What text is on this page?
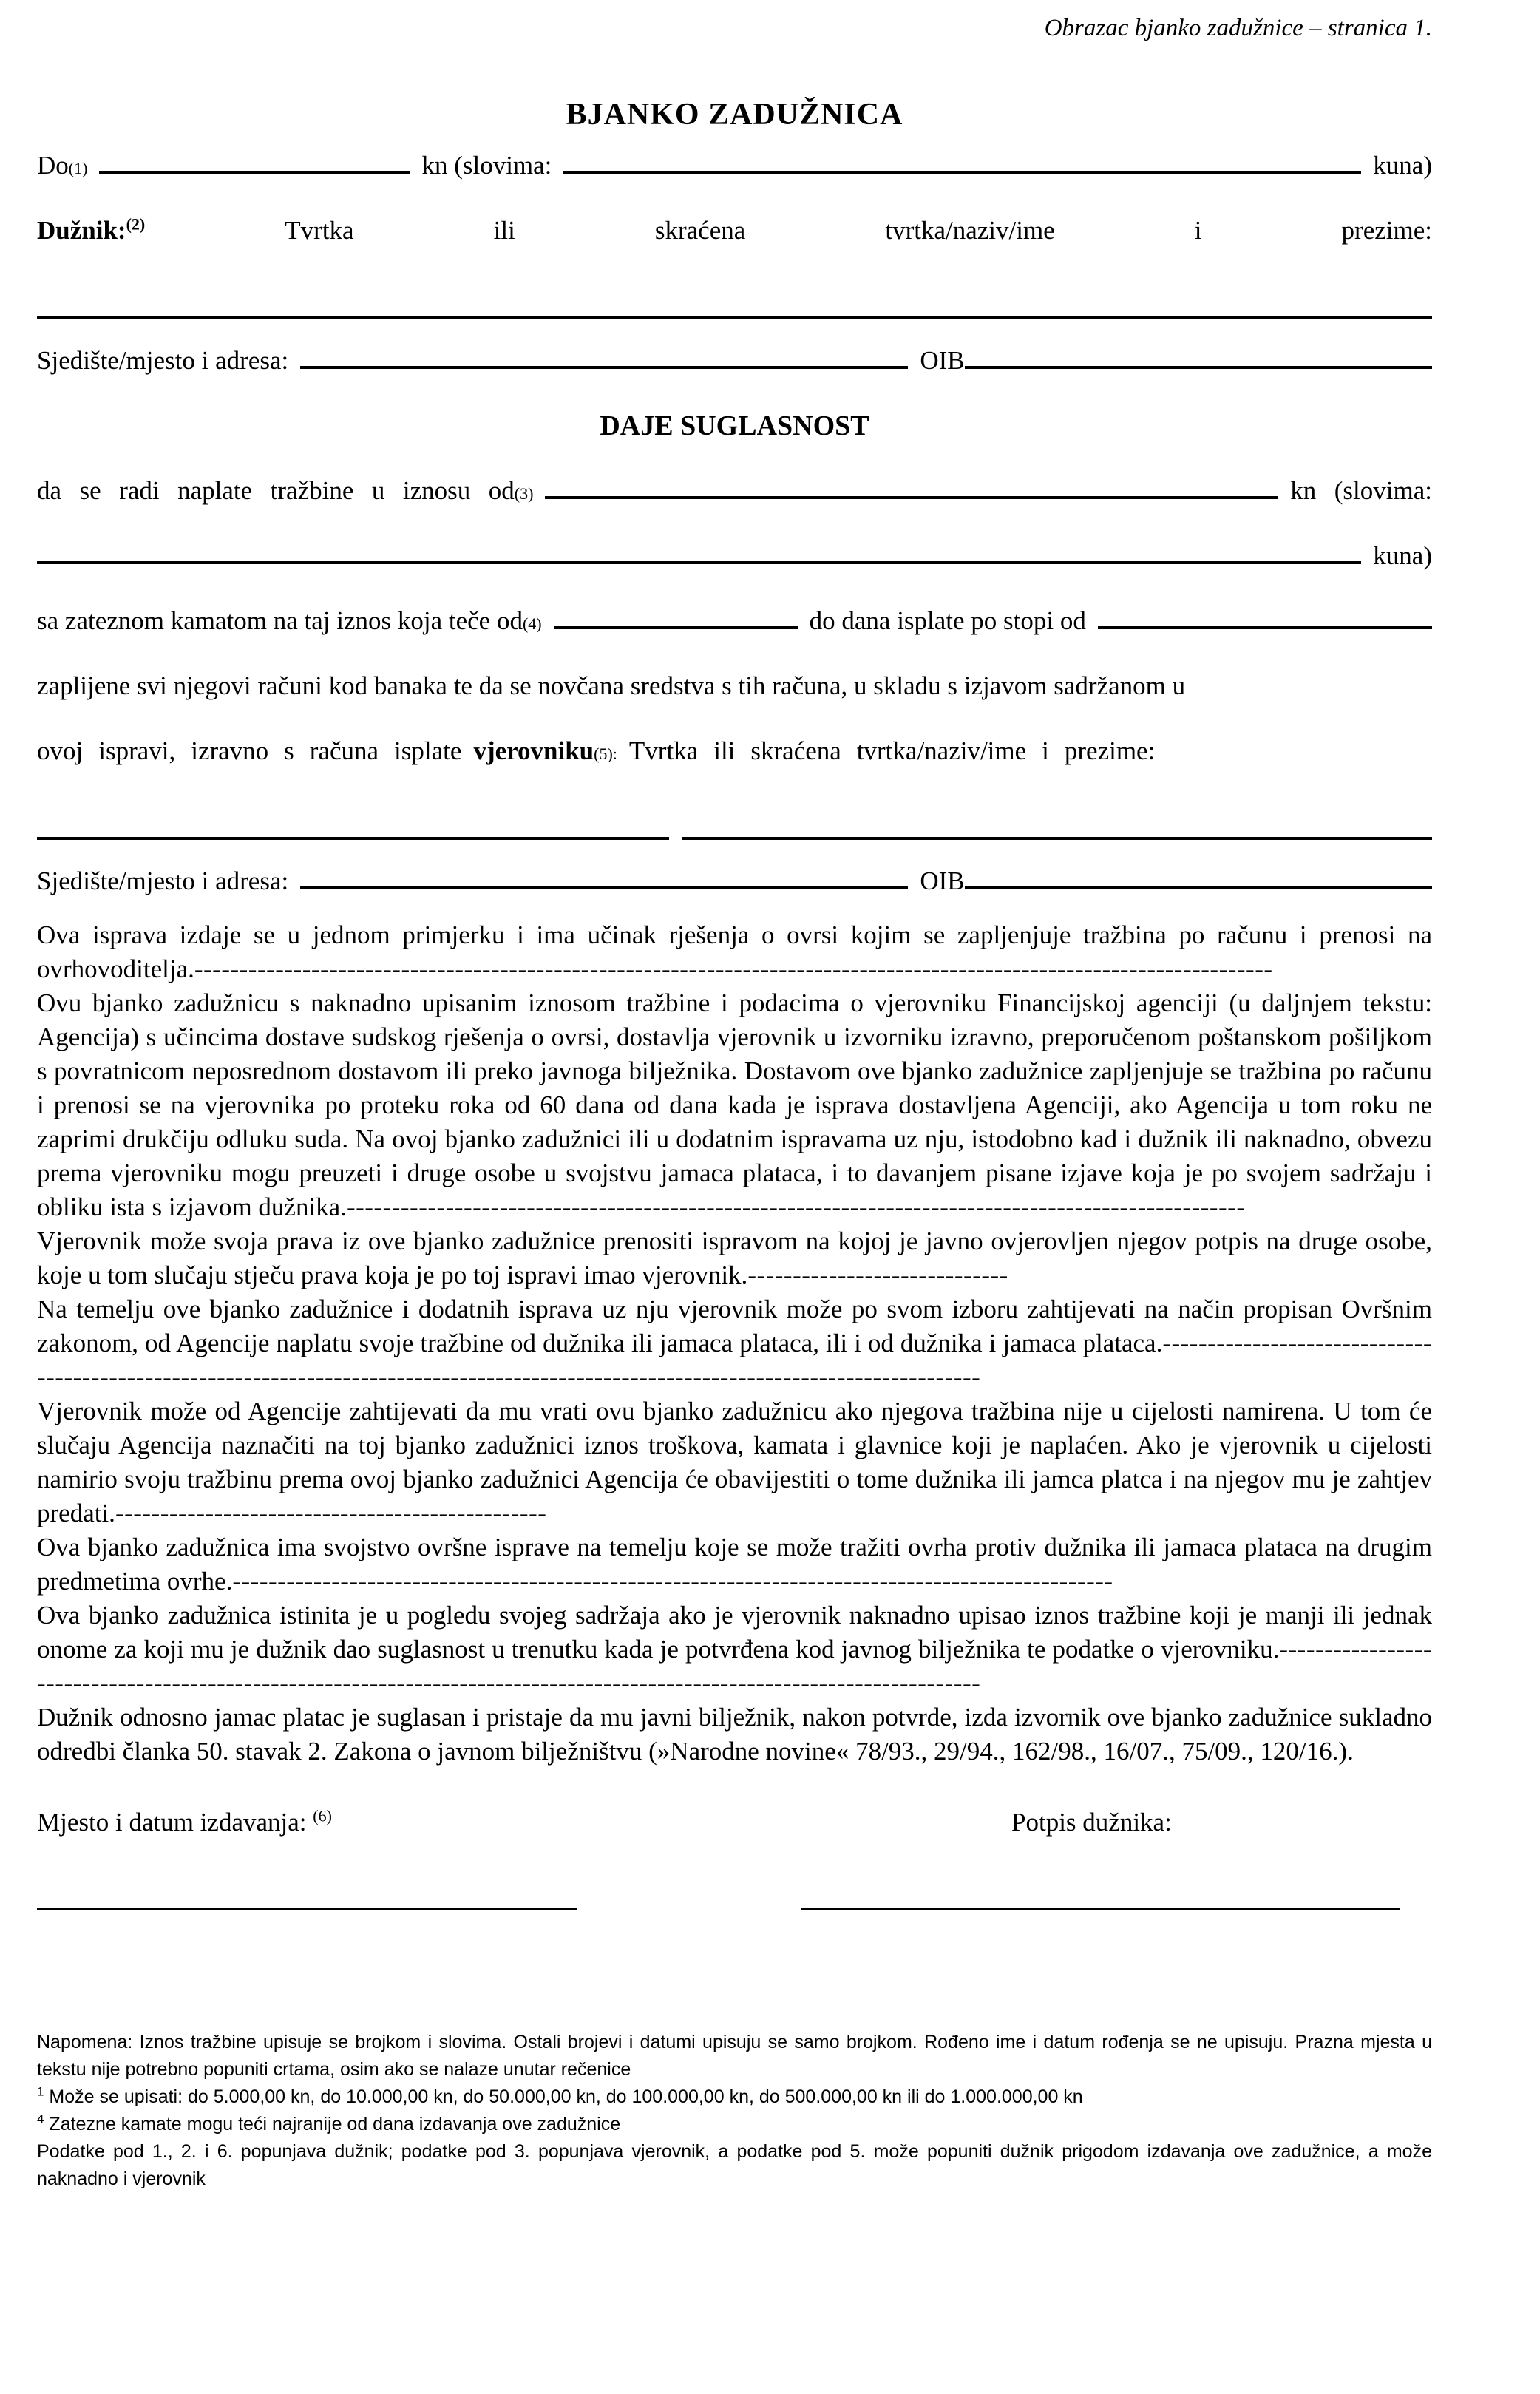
Obrazac bjanko zadužnice – stranica 1.
BJANKO ZADUŽNICA
Do (1)	kn (slovima:	kuna)
Dužnik:$^{(2)}$	Tvrtka	ili	skraćena	tvrtka/naziv/ime	i	prezime:
Sjedište/mjesto i adresa:	OIB
DAJE SUGLASNOST
da se radi naplate tražbine u iznosu od (3)	kn (slovima:
kuna)
sa zateznom kamatom na taj iznos koja teče od (4)	do dana isplate po stopi od
zaplijene svi njegovi računi kod banaka te da se novčana sredstva s tih računa, u skladu s izjavom sadržanom u
ovoj ispravi, izravno s računa isplate vjerovniku (5): Tvrtka ili skraćena tvrtka/naziv/ime i prezime:
Sjedište/mjesto i adresa:	OIB

Ova isprava izdaje se u jednom primjerku i ima učinak rješenja o ovrsi kojim se zapljenjuje tražbina po računu i prenosi na ovrhovoditelja.------------------------------------------------------------------------------------------------------------------------

Ovu bjanko zadužnicu s naknadno upisanim iznosom tražbine i podacima o vjerovniku Financijskoj agenciji (u daljnjem tekstu: Agencija) s učincima dostave sudskog rješenja o ovrsi, dostavlja vjerovnik u izvorniku izravno, preporučenom poštanskom pošiljkom s povratnicom neposrednom dostavom ili preko javnoga bilježnika. Dostavom ove bjanko zadužnice zapljenjuje se tražbina po računu i prenosi se na vjerovnika po proteku roka od 60 dana od dana kada je isprava dostavljena Agenciji, ako Agencija u tom roku ne zaprimi drukčiju odluku suda. Na ovoj bjanko zadužnici ili u dodatnim ispravama uz nju, istodobno kad i dužnik ili naknadno, obvezu prema vjerovniku mogu preuzeti i druge osobe u svojstvu jamaca plataca, i to davanjem pisane izjave koja je po svojem sadržaju i obliku ista s izjavom dužnika.----------------------------------------------------------------------------------------------------

Vjerovnik može svoja prava iz ove bjanko zadužnice prenositi ispravom na kojoj je javno ovjerovljen njegov potpis na druge osobe, koje u tom slučaju stječu prava koja je po toj ispravi imao vjerovnik.-----------------------------

Na temelju ove bjanko zadužnice i dodatnih isprava uz nju vjerovnik može po svom izboru zahtijevati na način propisan Ovršnim zakonom, od Agencije naplatu svoje tražbine od dužnika ili jamaca plataca, ili i od dužnika i jamaca plataca.---------------------------------------------------------------------------------------------------------------------------------------

Vjerovnik može od Agencije zahtijevati da mu vrati ovu bjanko zadužnicu ako njegova tražbina nije u cijelosti namirena. U tom će slučaju Agencija naznačiti na toj bjanko zadužnici iznos troškova, kamata i glavnice koji je naplaćen. Ako je vjerovnik u cijelosti namirio svoju tražbinu prema ovoj bjanko zadužnici Agencija će obavijestiti o tome dužnika ili jamca platca i na njegov mu je zahtjev predati.------------------------------------------------

Ova bjanko zadužnica ima svojstvo ovršne isprave na temelju koje se može tražiti ovrha protiv dužnika ili jamaca plataca na drugim predmetima ovrhe.--------------------------------------------------------------------------------------------------

Ova bjanko zadužnica istinita je u pogledu svojeg sadržaja ako je vjerovnik naknadno upisao iznos tražbine koji je manji ili jednak onome za koji mu je dužnik dao suglasnost u trenutku kada je potvrđena kod javnog bilježnika te podatke o vjerovniku.--------------------------------------------------------------------------------------------------------------------------

Dužnik odnosno jamac platac je suglasan i pristaje da mu javni bilježnik, nakon potvrde, izda izvornik ove bjanko zadužnice sukladno odredbi članka 50. stavak 2. Zakona o javnom bilježništvu (»Narodne novine« 78/93., 29/94., 162/98., 16/07., 75/09., 120/16.).

Mjesto i datum izdavanja: $^{(6)}$	Potpis dužnika:

Napomena: Iznos tražbine upisuje se brojkom i slovima. Ostali brojevi i datumi upisuju se samo brojkom. Rođeno ime i datum rođenja se ne upisuju. Prazna mjesta u tekstu nije potrebno popuniti crtama, osim ako se nalaze unutar rečenice

$^1$ Može se upisati: do 5.000,00 kn, do 10.000,00 kn, do 50.000,00 kn, do 100.000,00 kn, do 500.000,00 kn ili do 1.000.000,00 kn

$^4$ Zatezne kamate mogu teći najranije od dana izdavanja ove zadužnice

Podatke pod 1., 2. i 6. popunjava dužnik; podatke pod 3. popunjava vjerovnik, a podatke pod 5. može popuniti dužnik prigodom izdavanja ove zadužnice, a može naknadno i vjerovnik
